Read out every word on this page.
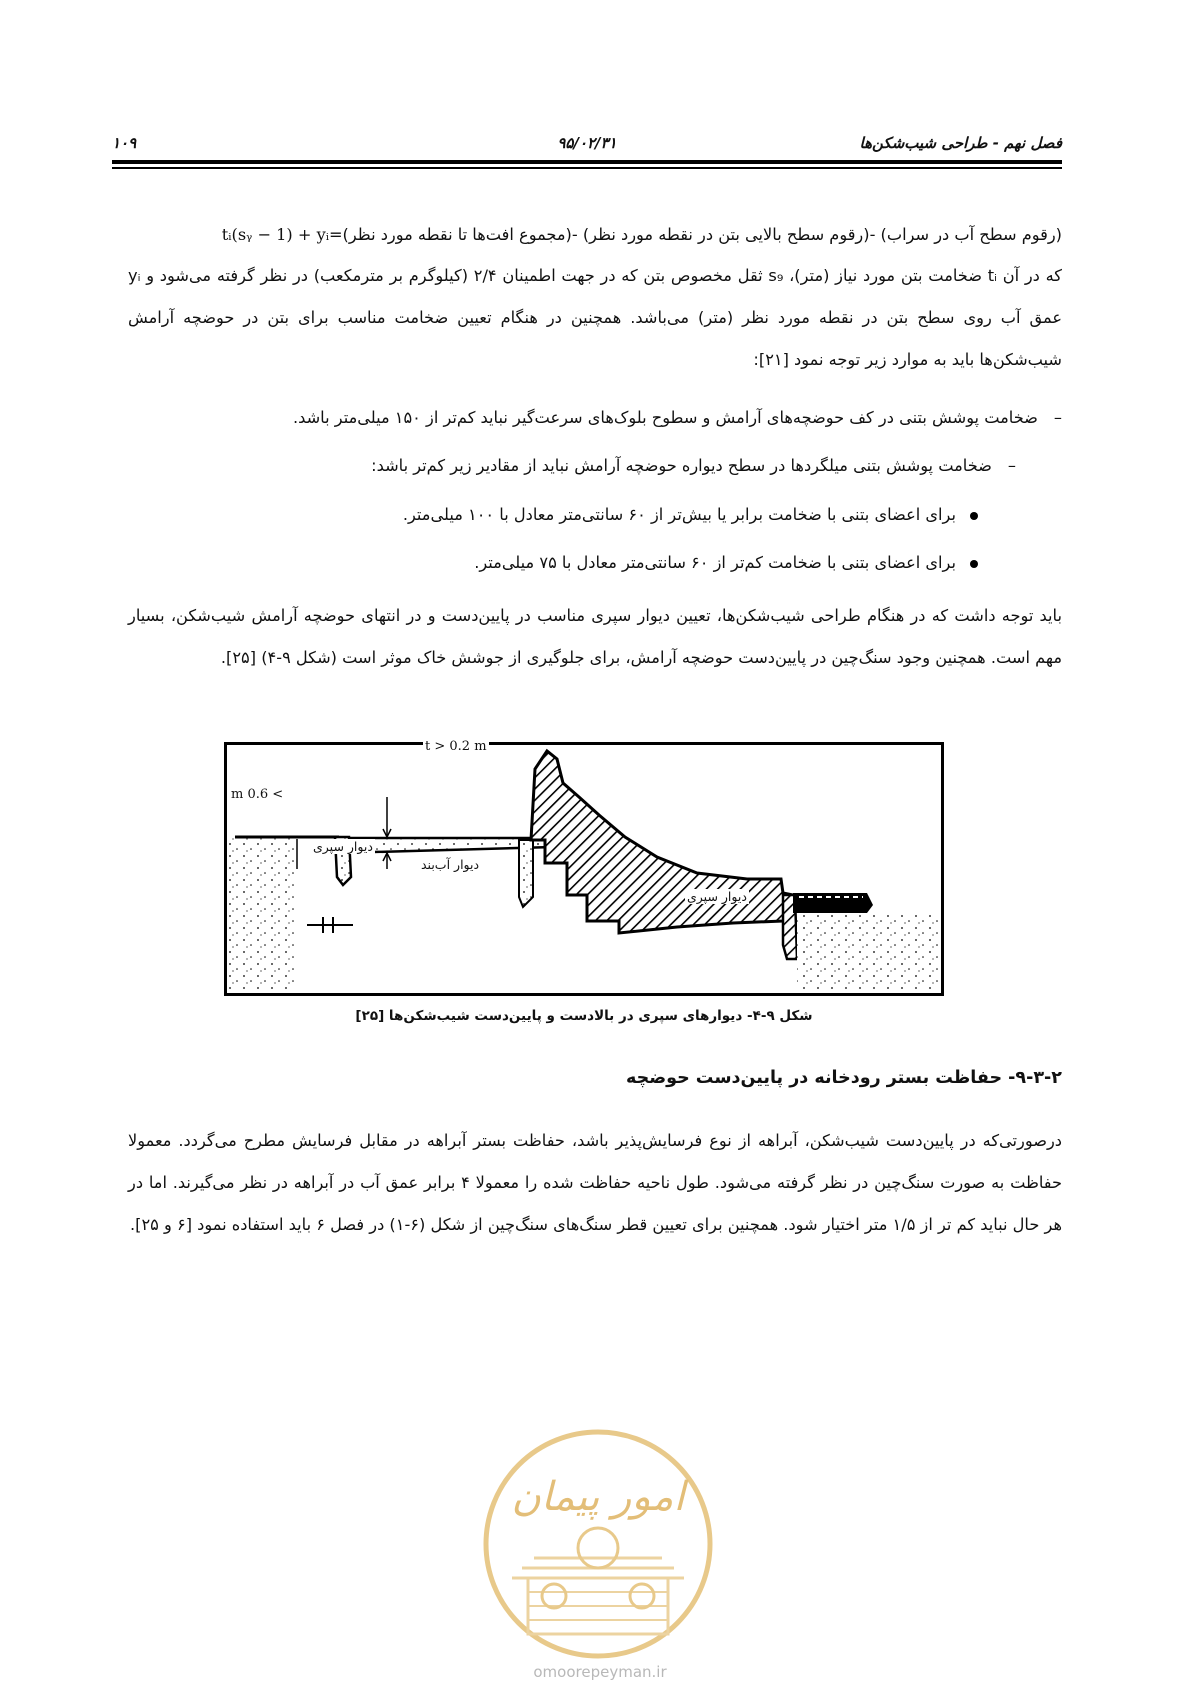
فصل نهم - طراحی شیب‌شکن‌ها
۹۵/۰۲/۳۱
۱۰۹
(رقوم سطح آب در سراب) -(رقوم سطح بالایی بتن در نقطه مورد نظر) -(مجموع افت‌ها تا نقطه مورد نظر)=tᵢ(sᵧ − 1) + yᵢ
که در آن tᵢ ضخامت بتن مورد نیاز (متر)، s₉ ثقل مخصوص بتن که در جهت اطمینان ۲/۴ (کیلوگرم بر مترمکعب) در نظر گرفته می‌شود و yᵢ عمق آب روی سطح بتن در نقطه مورد نظر (متر) می‌باشد. همچنین در هنگام تعیین ضخامت مناسب برای بتن در حوضچه آرامش شیب‌شکن‌ها باید به موارد زیر توجه نمود [۲۱]:
–ضخامت پوشش بتنی در کف حوضچه‌های آرامش و سطوح بلوک‌های سرعت‌گیر نباید کم‌تر از ۱۵۰ میلی‌متر باشد.
–ضخامت پوشش بتنی میلگردها در سطح دیواره حوضچه آرامش نباید از مقادیر زیر کم‌تر باشد:
برای اعضای بتنی با ضخامت برابر یا بیش‌تر از ۶۰ سانتی‌متر معادل با ۱۰۰ میلی‌متر.
برای اعضای بتنی با ضخامت کم‌تر از ۶۰ سانتی‌متر معادل با ۷۵ میلی‌متر.
باید توجه داشت که در هنگام طراحی شیب‌شکن‌ها، تعیین دیوار سپری مناسب در پایین‌دست و در انتهای حوضچه آرامش شیب‌شکن، بسیار مهم است. همچنین وجود سنگ‌چین در پایین‌دست حوضچه آرامش، برای جلوگیری از جوشش خاک موثر است (شکل ۹-۴) [۲۵].
t > 0.2 m
> 0.6 m
دیوار سپری
دیوار آب‌بند
دیوار سپری
شکل ۹-۴- دیوارهای سپری در بالادست و پایین‌دست شیب‌شکن‌ها [۲۵]
۹-۳-۲- حفاظت بستر رودخانه در پایین‌دست حوضچه
درصورتی‌که در پایین‌دست شیب‌شکن، آبراهه از نوع فرسایش‌پذیر باشد، حفاظت بستر آبراهه در مقابل فرسایش مطرح می‌گردد. معمولا حفاظت به صورت سنگ‌چین در نظر گرفته می‌شود. طول ناحیه حفاظت شده را معمولا ۴ برابر عمق آب در آبراهه در نظر می‌گیرند. اما در هر حال نباید کم تر از ۱/۵ متر اختیار شود. همچنین برای تعیین قطر سنگ‌های سنگ‌چین از شکل (۶-۱) در فصل ۶ باید استفاده نمود [۶ و ۲۵].
امور پیمان
omoorepeyman.ir
